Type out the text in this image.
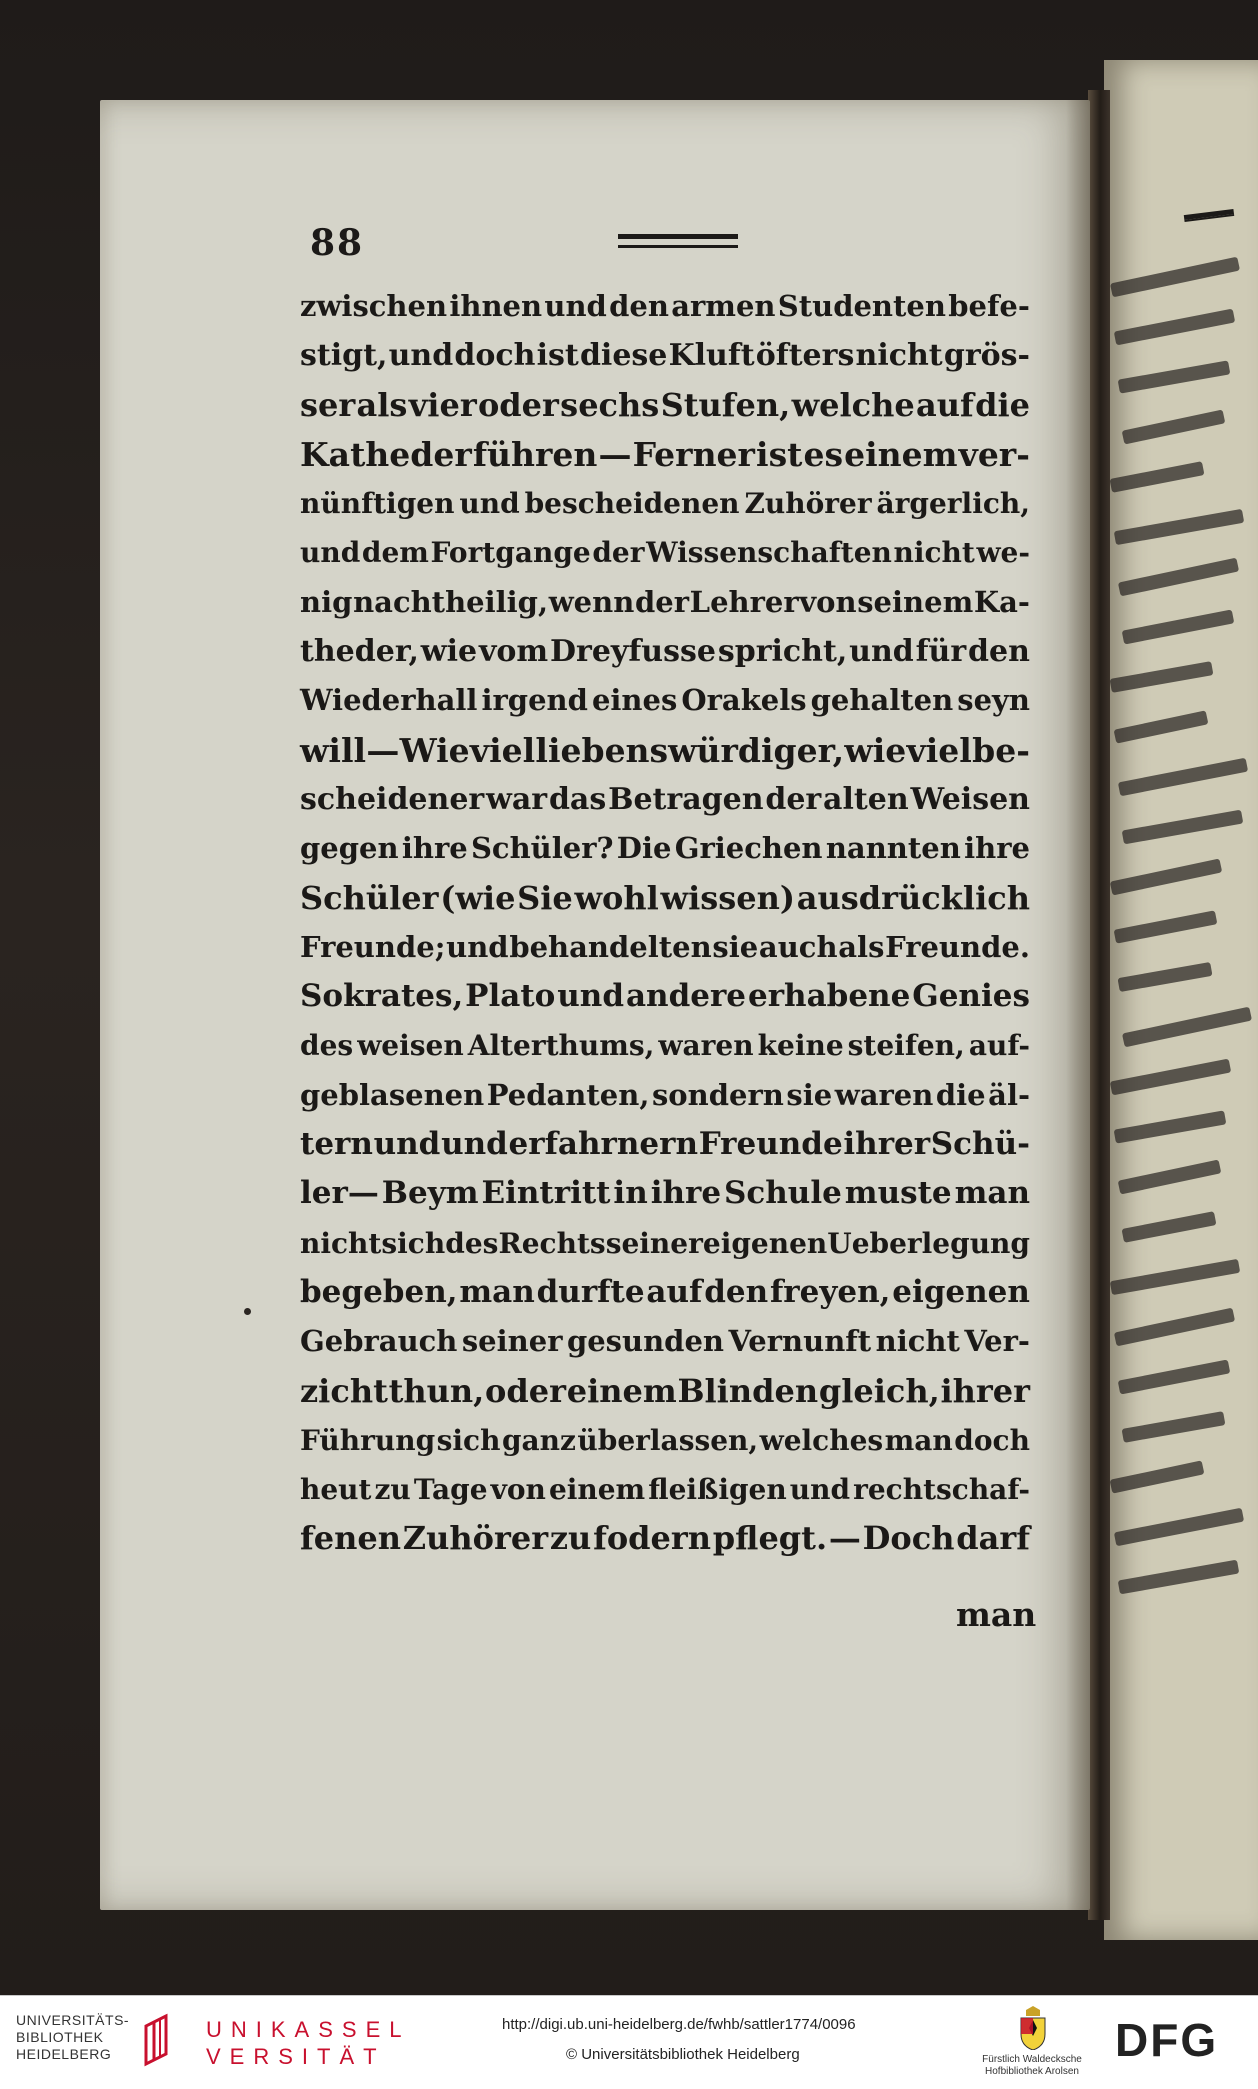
88
zwischen ihnen und den armen Studenten befe-
stigt, und doch ist diese Kluft öfters nicht grös-
ser als vier oder sechs Stufen, welche auf die
Katheder führen — Ferner ist es einem ver-
nünftigen und bescheidenen Zuhörer ärgerlich,
und dem Fortgange der Wissenschaften nicht we-
nig nachtheilig, wenn der Lehrer von seinem Ka-
theder, wie vom Dreyfusse spricht, und für den
Wiederhall irgend eines Orakels gehalten seyn
will — Wie viel liebenswürdiger, wie viel be-
scheidener war das Betragen der alten Weisen
gegen ihre Schüler? Die Griechen nannten ihre
Schüler (wie Sie wohl wissen) ausdrücklich
Freunde; und behandelten sie auch als Freunde.
Sokrates, Plato und andere erhabene Genies
des weisen Alterthums, waren keine steifen, auf-
geblasenen Pedanten, sondern sie waren die äl-
tern und und erfahrnern Freunde ihrer Schü-
ler— Beym Eintritt in ihre Schule muste man
nicht sich des Rechts seiner eigenen Ueberlegung
begeben, man durfte auf den freyen, eigenen
Gebrauch seiner gesunden Vernunft nicht Ver-
zicht thun, oder einem Blinden gleich, ihrer
Führung sich ganz überlassen, welches man doch
heut zu Tage von einem fleißigen und rechtschaf-
fenen Zuhörer zu fodern pflegt. — Doch darf
man
UNIVERSITÄTS-
BIBLIOTHEK
HEIDELBERG
UNIKASSEL
VERSITÄT
http://digi.ub.uni-heidelberg.de/fwhb/sattler1774/0096
© Universitätsbibliothek Heidelberg	Fürstlich Waldecksche
Hofbibliothek Arolsen
DFG
